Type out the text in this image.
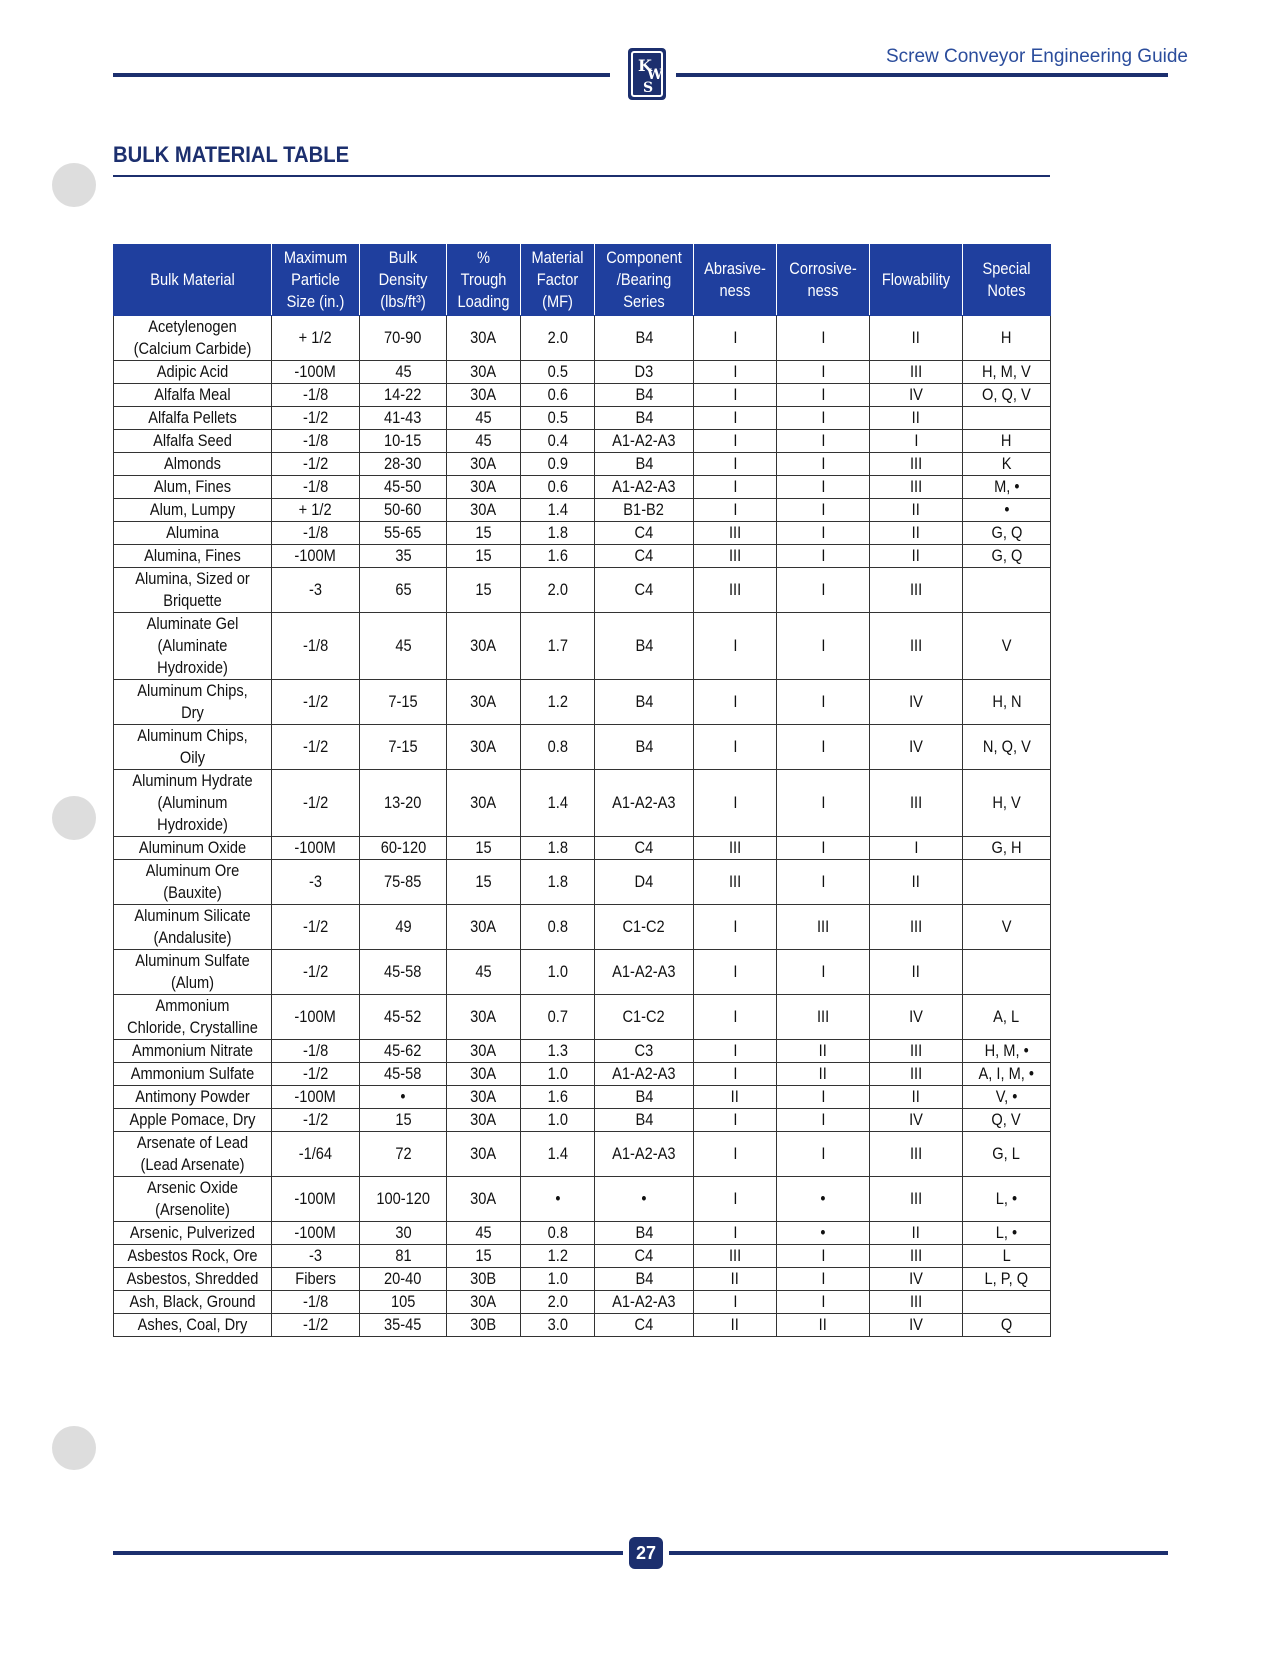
Screw Conveyor Engineering Guide
K
W
S
BULK MATERIAL TABLE
Bulk Material	Maximum Particle Size (in.)	Bulk Density (lbs/ft³)	% Trough Loading	Material Factor (MF)	Component /Bearing Series	Abrasive- ness	Corrosive- ness	Flowability	Special Notes

Acetylenogen (Calcium Carbide)	+ 1/2	70-90	30A	2.0	B4	I	I	II	H

Adipic Acid	-100M	45	30A	0.5	D3	I	I	III	H, M, V

Alfalfa Meal	-1/8	14-22	30A	0.6	B4	I	I	IV	O, Q, V

Alfalfa Pellets	-1/2	41-43	45	0.5	B4	I	I	II	

Alfalfa Seed	-1/8	10-15	45	0.4	A1-A2-A3	I	I	I	H

Almonds	-1/2	28-30	30A	0.9	B4	I	I	III	K

Alum, Fines	-1/8	45-50	30A	0.6	A1-A2-A3	I	I	III	M, •

Alum, Lumpy	+ 1/2	50-60	30A	1.4	B1-B2	I	I	II	•

Alumina	-1/8	55-65	15	1.8	C4	III	I	II	G, Q

Alumina, Fines	-100M	35	15	1.6	C4	III	I	II	G, Q

Alumina, Sized or Briquette	-3	65	15	2.0	C4	III	I	III	

Aluminate Gel (Aluminate Hydroxide)	-1/8	45	30A	1.7	B4	I	I	III	V

Aluminum Chips, Dry	-1/2	7-15	30A	1.2	B4	I	I	IV	H, N

Aluminum Chips, Oily	-1/2	7-15	30A	0.8	B4	I	I	IV	N, Q, V

Aluminum Hydrate (Aluminum Hydroxide)	-1/2	13-20	30A	1.4	A1-A2-A3	I	I	III	H, V

Aluminum Oxide	-100M	60-120	15	1.8	C4	III	I	I	G, H

Aluminum Ore (Bauxite)	-3	75-85	15	1.8	D4	III	I	II	

Aluminum Silicate (Andalusite)	-1/2	49	30A	0.8	C1-C2	I	III	III	V

Aluminum Sulfate (Alum)	-1/2	45-58	45	1.0	A1-A2-A3	I	I	II	

Ammonium Chloride, Crystalline	-100M	45-52	30A	0.7	C1-C2	I	III	IV	A, L

Ammonium Nitrate	-1/8	45-62	30A	1.3	C3	I	II	III	H, M, •

Ammonium Sulfate	-1/2	45-58	30A	1.0	A1-A2-A3	I	II	III	A, I, M, •

Antimony Powder	-100M	•	30A	1.6	B4	II	I	II	V, •

Apple Pomace, Dry	-1/2	15	30A	1.0	B4	I	I	IV	Q, V

Arsenate of Lead (Lead Arsenate)	-1/64	72	30A	1.4	A1-A2-A3	I	I	III	G, L

Arsenic Oxide (Arsenolite)	-100M	100-120	30A	•	•	I	•	III	L, •

Arsenic, Pulverized	-100M	30	45	0.8	B4	I	•	II	L, •

Asbestos Rock, Ore	-3	81	15	1.2	C4	III	I	III	L

Asbestos, Shredded	Fibers	20-40	30B	1.0	B4	II	I	IV	L, P, Q

Ash, Black, Ground	-1/8	105	30A	2.0	A1-A2-A3	I	I	III	

Ashes, Coal, Dry	-1/2	35-45	30B	3.0	C4	II	II	IV	Q
27
